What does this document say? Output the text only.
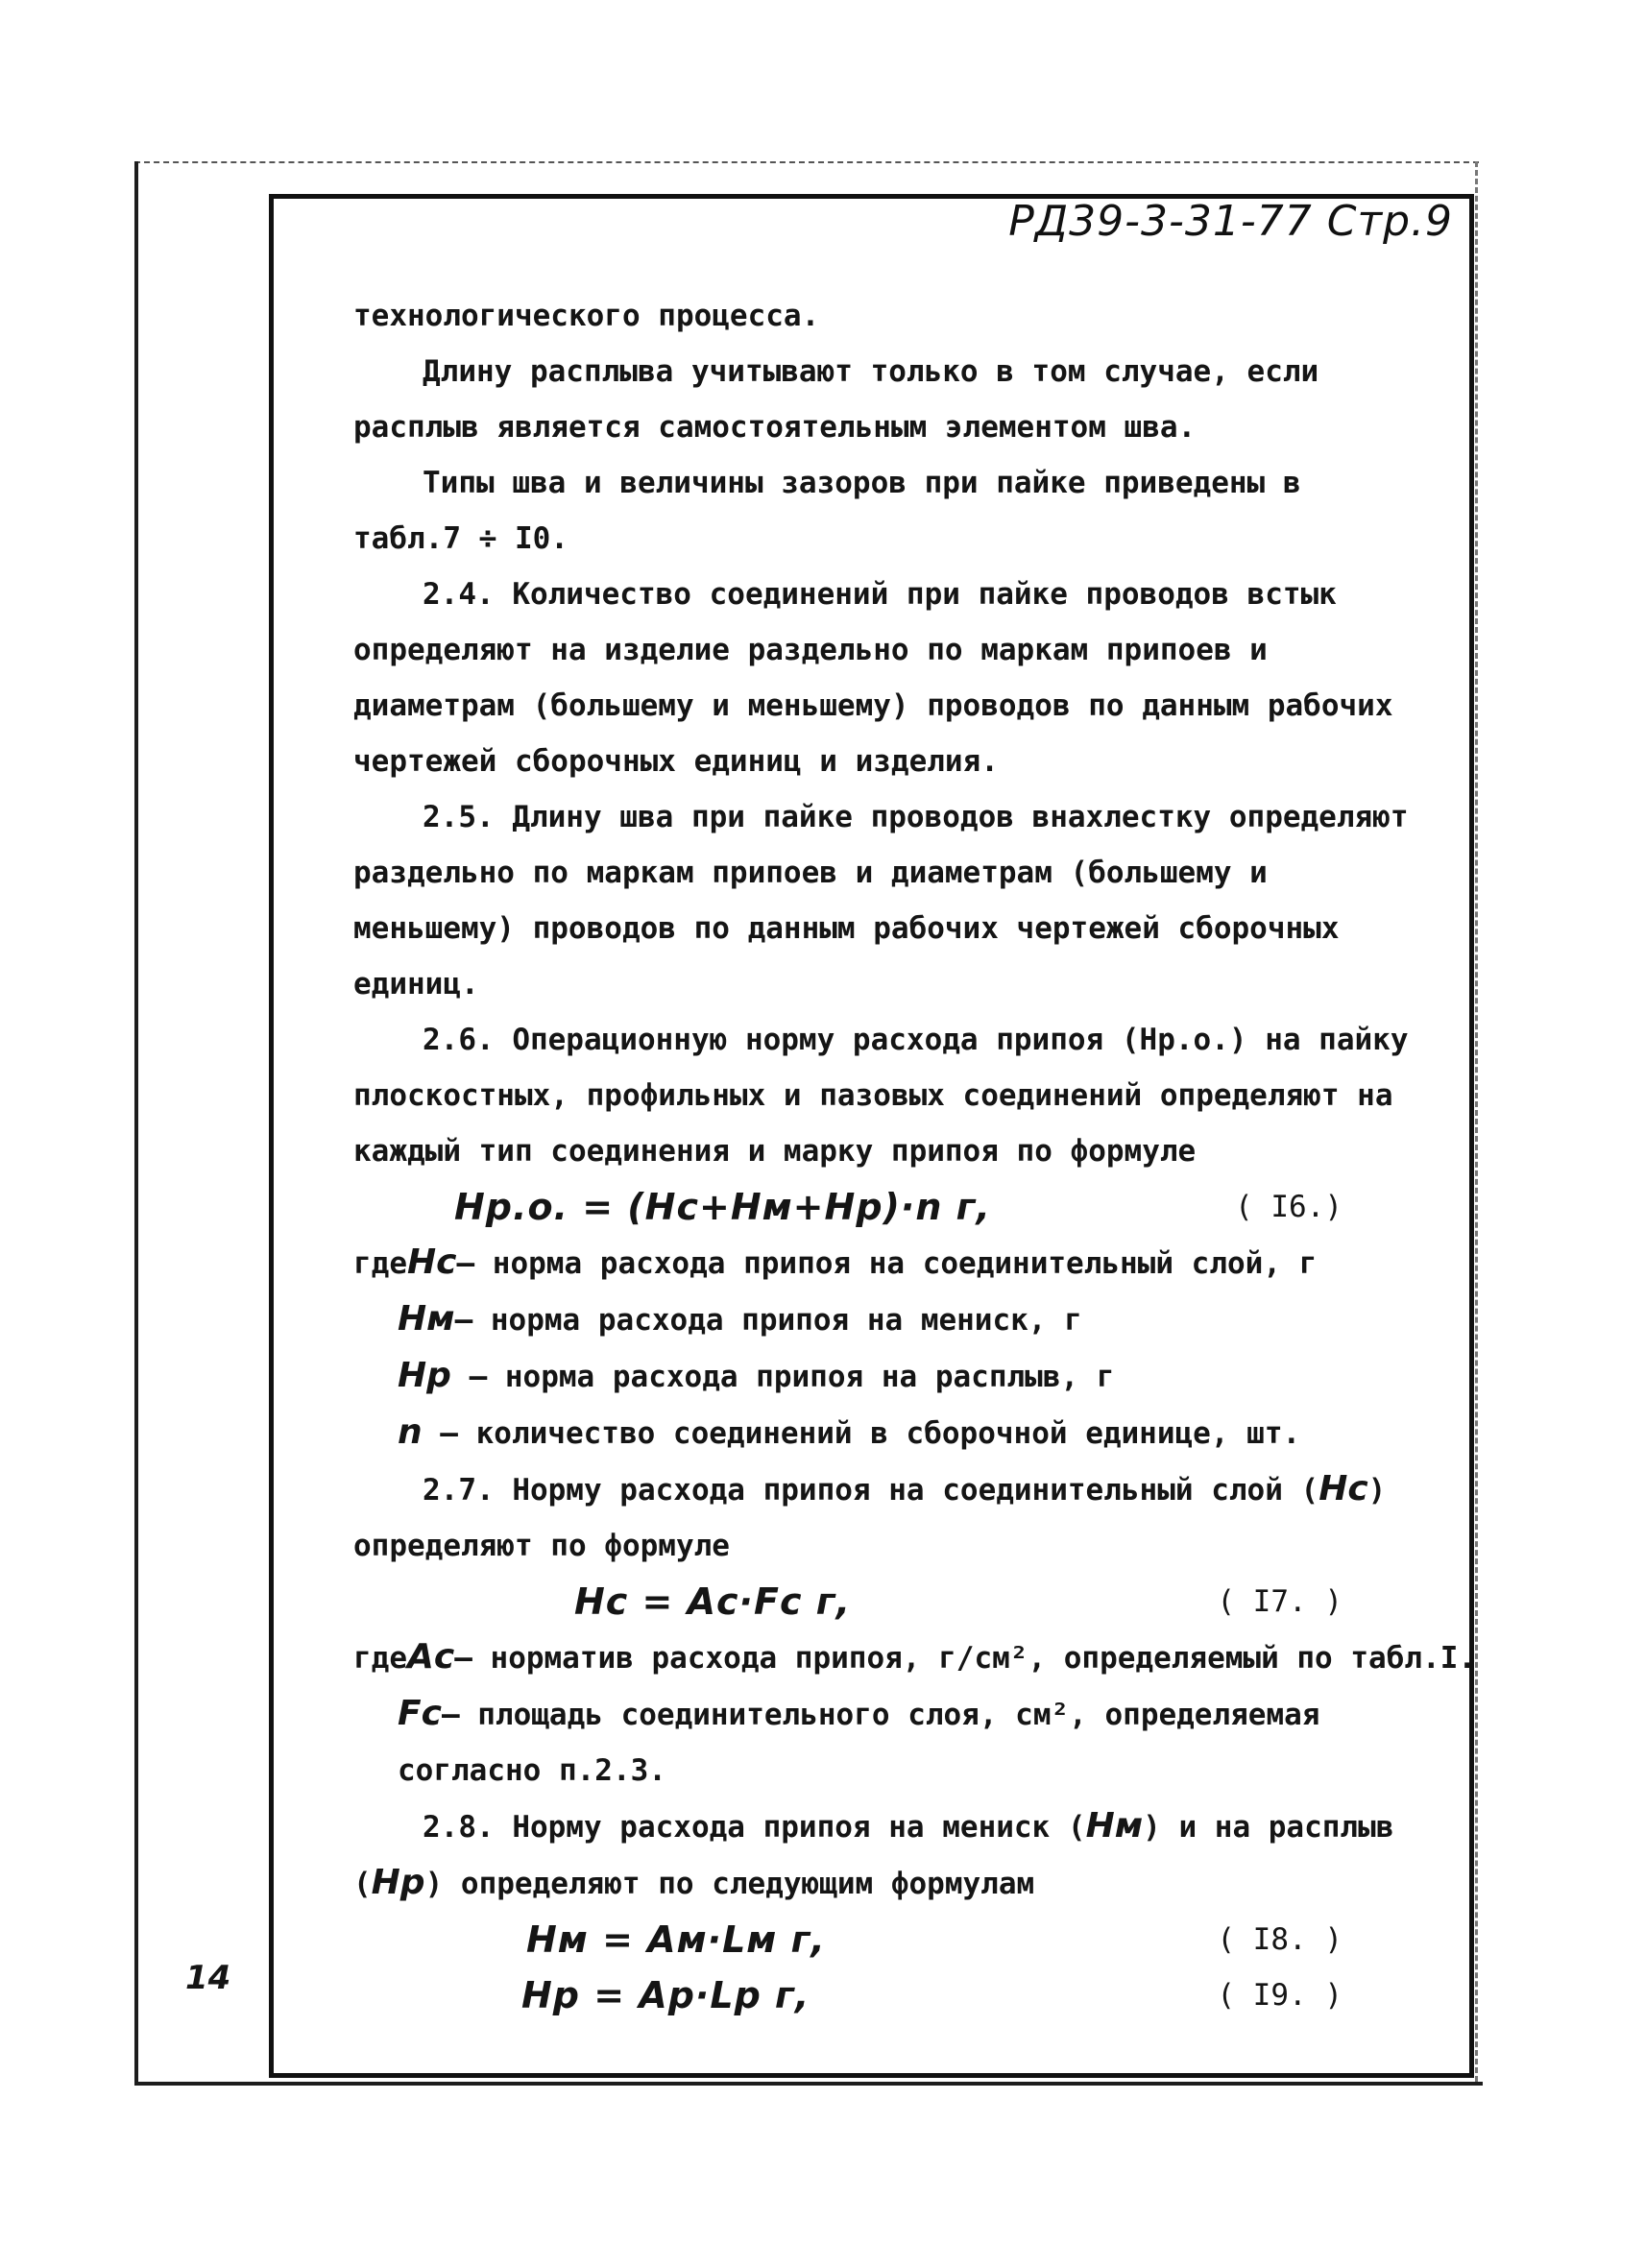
РД39-3-31-77 Стр.9
14

технологического процесса.

Длину расплыва учитывают только в том случае, если расплыв является самостоятельным элементом шва.

Типы шва и величины зазоров при пайке приведены в табл.7 ÷ I0.

2.4. Количество соединений при пайке проводов встык определяют на изделие раздельно по маркам припоев и диаметрам (большему и меньшему) проводов по данным рабочих чертежей сборочных единиц и изделия.

2.5. Длину шва при пайке проводов внахлестку определяют раздельно по маркам припоев и диаметрам (большему и меньшему) проводов по данным рабочих чертежей сборочных единиц.

2.6. Операционную норму расхода припоя (Нр.о.) на пайку плоскостных, профильных и пазовых соединений определяют на каждый тип соединения и марку припоя по формуле

Нр.о. = (Нс+Нм+Нр)·n г,	( I6.)
гдеНс– норма расхода припоя на соединительный слой, г
Нм– норма расхода припоя на мениск, г
Нр – норма расхода припоя на расплыв, г
n – количество соединений в сборочной единице, шт.
2.7. Норму расхода припоя на соединительный слой (Нс)

определяют по формуле

Нс = Ас·Fс г,	( I7. )
гдеАс– норматив расхода припоя, г/см², определяемый по табл.I.

Fс– площадь соединительного слоя, см², определяемая согласно п.2.3.

2.8. Норму расхода припоя на мениск (Нм) и на расплыв
(Нр) определяют по следующим формулам
Нм = Ам·Lм г,	( I8. )
Нр = Ар·Lр г,	( I9. )
